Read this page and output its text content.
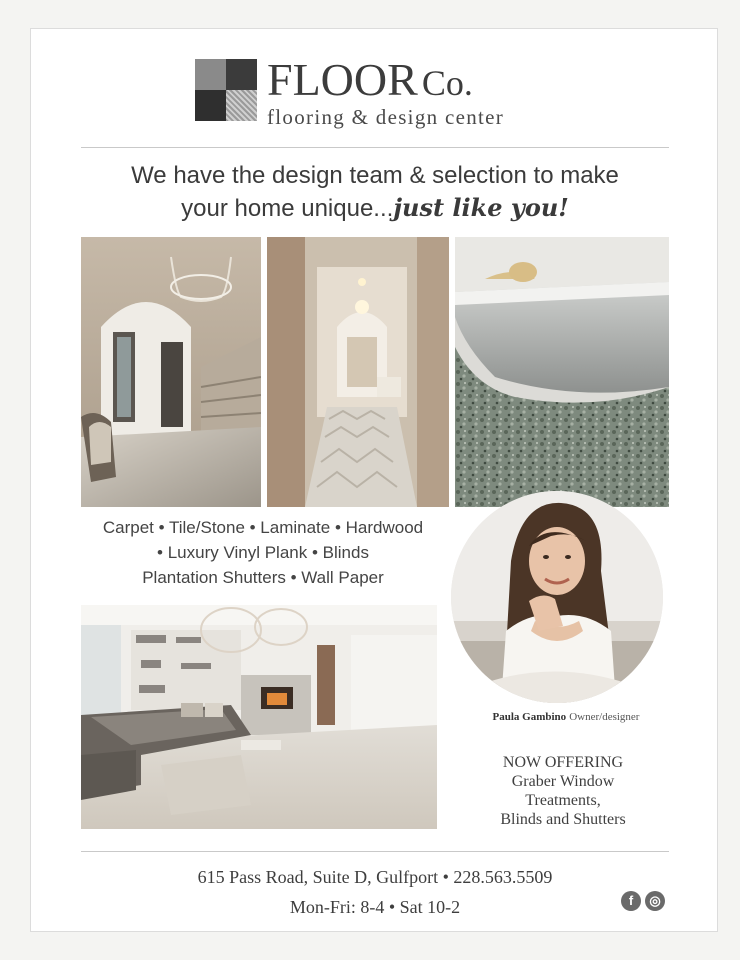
FLOOR Co.
flooring & design center
We have the design team & selection to make
your home unique...just like you!
Carpet • Tile/Stone • Laminate • Hardwood
• Luxury Vinyl Plank • Blinds
Plantation Shutters • Wall Paper
Paula Gambino Owner/designer
NOW OFFERING
Graber Window
Treatments,
Blinds and Shutters
615 Pass Road, Suite D, Gulfport • 228.563.5509
Mon-Fri: 8-4 • Sat 10-2	f	◎
